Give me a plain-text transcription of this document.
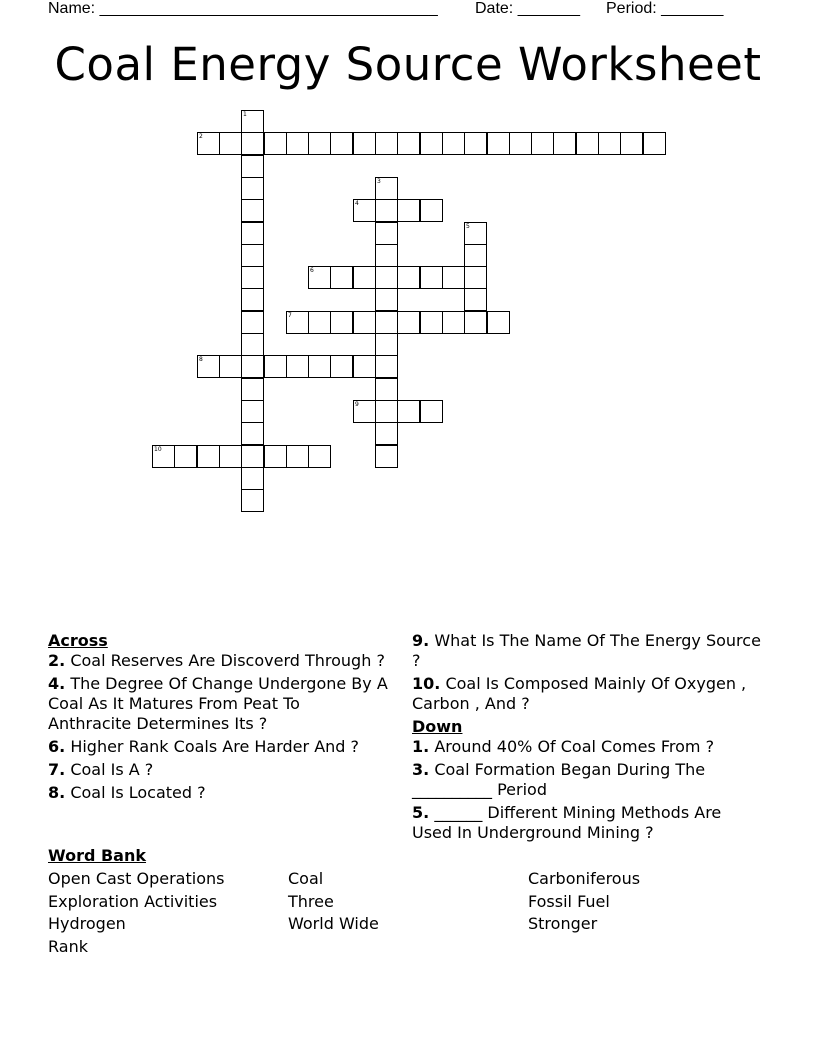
Name: ______________________________________ Date: _______ Period: _______
Coal Energy Source Worksheet
1
2
3
4
5
6
7
8
9
10
Across
2. Coal Reserves Are Discoverd Through ?
4. The Degree Of Change Undergone By A Coal As It Matures From Peat To Anthracite Determines Its ?
6. Higher Rank Coals Are Harder And ?
7. Coal Is A ?
8. Coal Is Located ?
9. What Is The Name Of The Energy Source ?
10. Coal Is Composed Mainly Of Oxygen , Carbon , And ?
Down
1. Around 40% Of Coal Comes From ?
3. Coal Formation Began During The __________ Period
5. ______ Different Mining Methods Are Used In Underground Mining ?
Word Bank
Open Cast Operations	Coal	Carboniferous
Exploration Activities	Three	Fossil Fuel
Hydrogen	World Wide	Stronger
Rank
